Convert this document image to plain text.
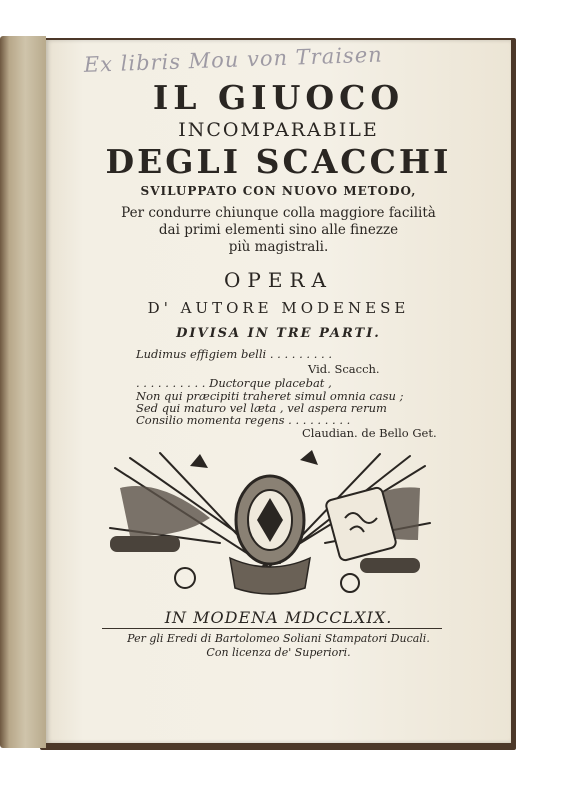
Ex libris Mou von Traisen
IL GIUOCO
INCOMPARABILE
DEGLI SCACCHI
SVILUPPATO CON NUOVO METODO,
Per condurre chiunque colla maggiore facilità
dai primi elementi sino alle finezze
più magistrali.
OPERA
D' AUTORE MODENESE
DIVISA IN TRE PARTI.
Ludimus effigiem belli . . . . . . . . .
Vid. Scacch.
. . . . . . . . . . Ductorque placebat ,
Non qui præcipiti traheret simul omnia casu ;
Sed qui maturo vel læta , vel aspera rerum
Consilio momenta regens . . . . . . . . .
Claudian. de Bello Get.
IN MODENA MDCCLXIX.
Per gli Eredi di Bartolomeo Soliani Stampatori Ducali.
Con licenza de' Superiori.
